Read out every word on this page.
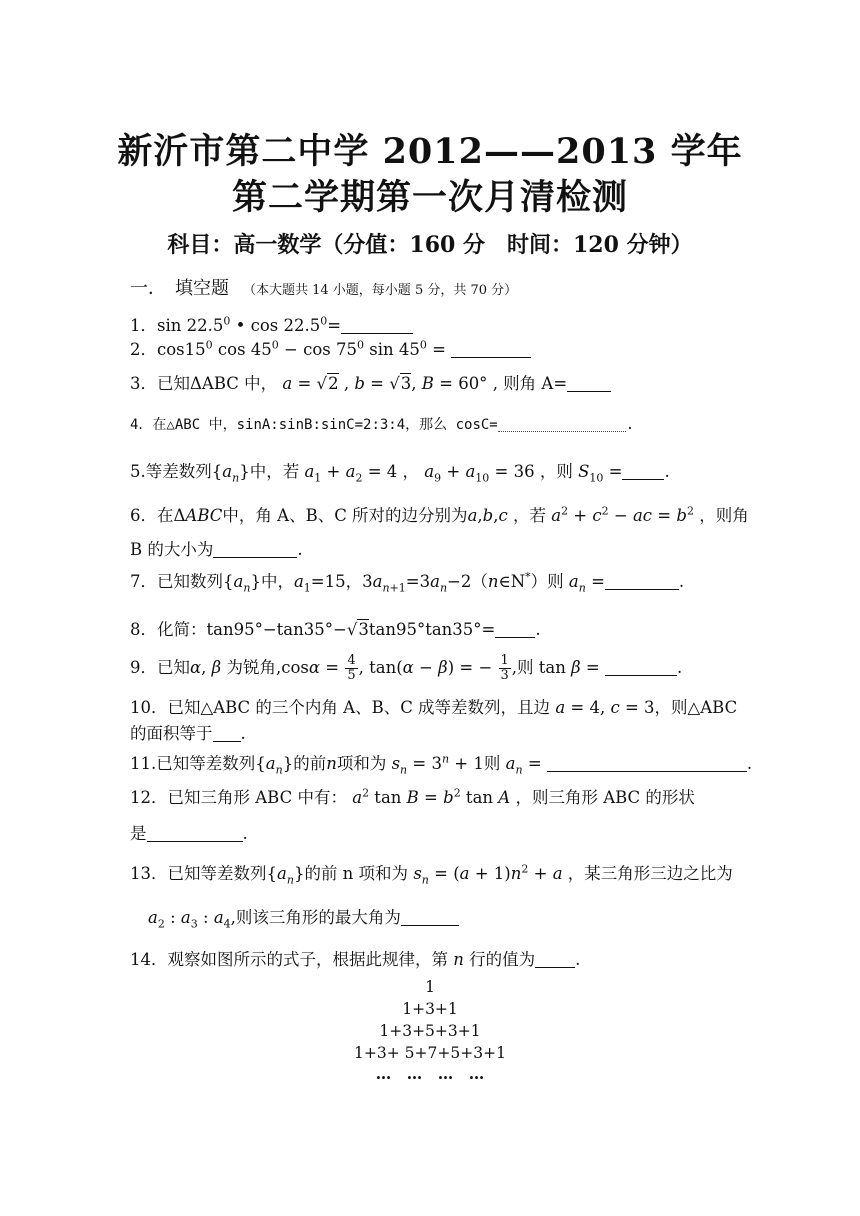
新沂市第二中学 2012——2013 学年
第二学期第一次月清检测
科目：高一数学（分值：160 分　时间：120 分钟）
一．　填空题 （本大题共 14 小题，每小题 5 分，共 70 分）
1．sin 22.5$^0$ • $\cos 22.5^0=$
2．$\cos 15^0$ $\cos 45^0 - \cos 75^0$ $\sin 45^0$ =
3．已知ΔABC 中， a = √2 , b = √3, B = 60° , 则角 A=
4．在△ABC 中，sinA:sinB:sinC=2:3:4，那么 cosC=	.
5.等差数列$\{a_n\}$中，若 $a_1 + a_2 = 4$ ， $a_9 + a_{10} = 36$ ，则 $S_{10}$ =	.
6．在ΔABC中，角 A、B、C 所对的边分别为a,b,c ，若 $a^2 + c^2$ − ac = $b^2$ ，则角
B 的大小为	.
7．已知数列$\{a_n\}$中，$a_1=15$，$3a_{n+1}=3a_n-2(n\in N^*)$则 $a_n$ =	.
8．化简：tan95°−tan35°−√3tan95°tan35°= .
9．已知α, β 为锐角$,\cos\alpha = \frac{4}{5}$ , tan(α − β) = − $\frac{1}{3}$ ,则 tan β =	.
10．已知△ABC 的三个内角 A、B、C 成等差数列，且边 a = 4, c = 3，则△ABC
的面积等于 .
11.已知等差数列$\{a_n\}$的前n项和为 $s_n = 3^n + 1$则 $a_n$ =	.
12．已知三角形 ABC 中有： $a^2$ $\tan B = b^2$ tan A ，则三角形 ABC 的形状
是	.
13．已知等差数列$\{a_n\}$的前 n 项和为 $s_n = (a + 1)n^2 + a$ ，某三角形三边之比为
$a_2$ : $a_3$ : $a_4$,则该三角形的最大角为
14．观察如图所示的式子，根据此规律，第 n 行的值为 .
1
1+3+1
1+3+5+3+1
1+3+ 5+7+5+3+1
…　…　…　…
